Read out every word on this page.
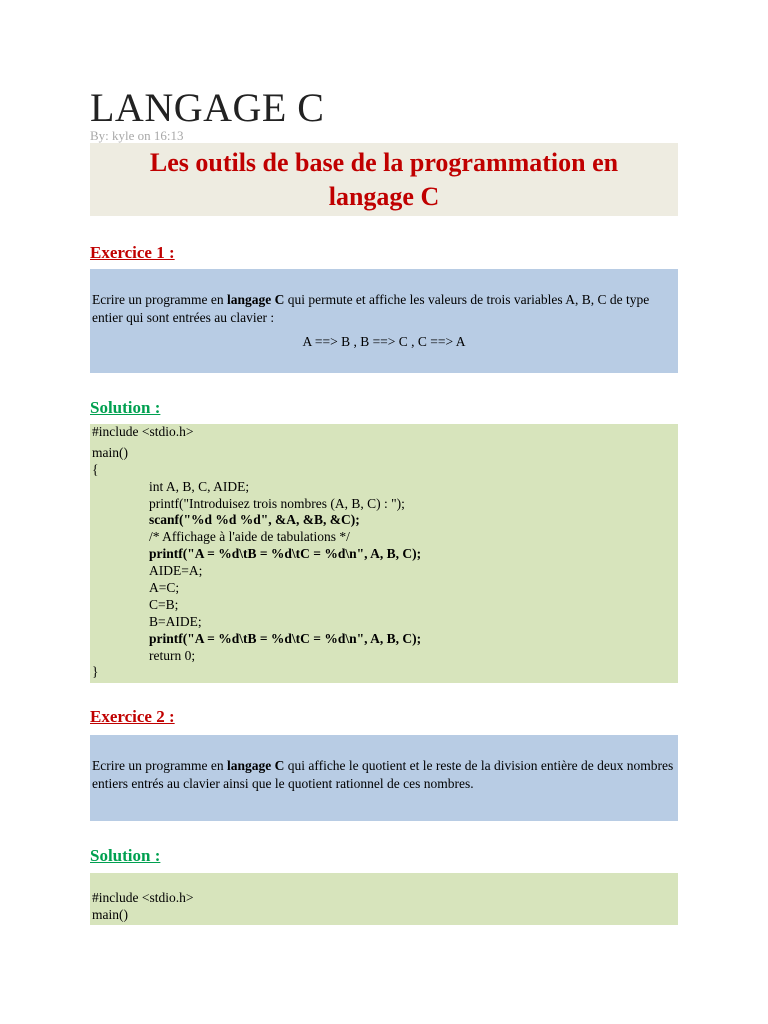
LANGAGE C
By: kyle on 16:13
Les outils de base de la programmation en
langage C
Exercice 1 :
Ecrire un programme en langage C qui permute et affiche les valeurs de trois variables A, B, C de type entier qui sont entrées au clavier :
A ==> B , B ==> C , C ==> A
Solution :
#include <stdio.h>
main()
{
int A, B, C, AIDE;
printf("Introduisez trois nombres (A, B, C) : ");
scanf("%d %d %d", &A, &B, &C);
/* Affichage à l'aide de tabulations */
printf("A = %d\tB = %d\tC = %d\n", A, B, C);
AIDE=A;
A=C;
C=B;
B=AIDE;
printf("A = %d\tB = %d\tC = %d\n", A, B, C);
return 0;
}
Exercice 2 :
Ecrire un programme en langage C qui affiche le quotient et le reste de la division entière de deux nombres entiers entrés au clavier ainsi que le quotient rationnel de ces nombres.
Solution :
#include <stdio.h>
main()
